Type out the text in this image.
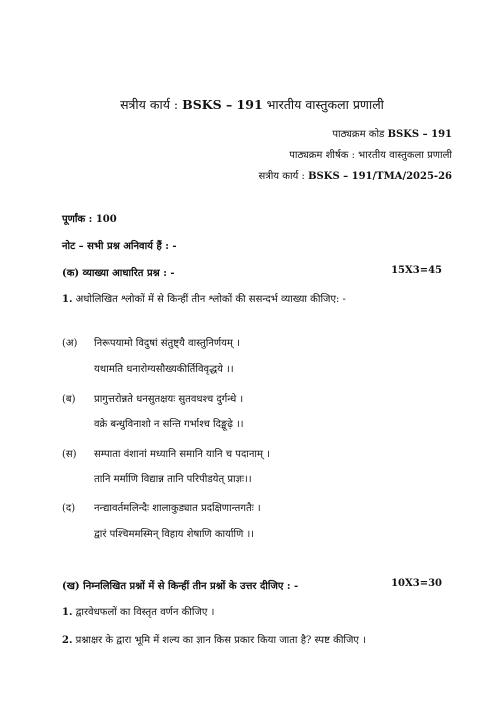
सत्रीय कार्य : BSKS – 191 भारतीय वास्तुकला प्रणाली
पाठ्यक्रम कोड BSKS – 191
पाठ्यक्रम शीर्षक : भारतीय वास्तुकला प्रणाली
सत्रीय कार्य : BSKS – 191/TMA/2025-26
पूर्णांक : 100
नोट – सभी प्रश्न अनिवार्य हैं : -
(क) व्याख्या आधारित प्रश्न : -	15X3=45
1. अधोलिखित श्लोकों में से किन्हीं तीन श्लोकों की ससन्दर्भ व्याख्या कीजिए: -
(अ) निरूपयामो विदुषां संतुष्ट्यै वास्तुनिर्णयम् ।
यथामति धनारोग्यसौख्यकीर्तिविवृद्धये ।।
(ब) प्रागुत्तरोन्नते धनसुतक्षयः सुतवधश्च दुर्गन्धे ।
वक्रे बन्धुविनाशो न सन्ति गर्भाश्च दिङ्मूढ़े ।।
(स) सम्पाता वंशानां मध्यानि समानि यानि च पदानाम् ।
तानि मर्माणि विद्यान्न तानि परिपीडयेत् प्राज्ञः।।
(द) नन्द्यावर्तमलिन्दैः शालाकुड्यात प्रदक्षिणान्तगतैः ।
द्वारं पश्चिममस्मिन् विहाय शेषाणि कार्याणि ।।
(ख) निम्नलिखित प्रश्नों में से किन्हीं तीन प्रश्नों के उत्तर दीजिए : -	10X3=30
1. द्वारवेधफलों का विस्तृत वर्णन कीजिए ।
2. प्रश्नाक्षर के द्वारा भूमि में शल्य का ज्ञान किस प्रकार किया जाता है? स्पष्ट कीजिए ।
